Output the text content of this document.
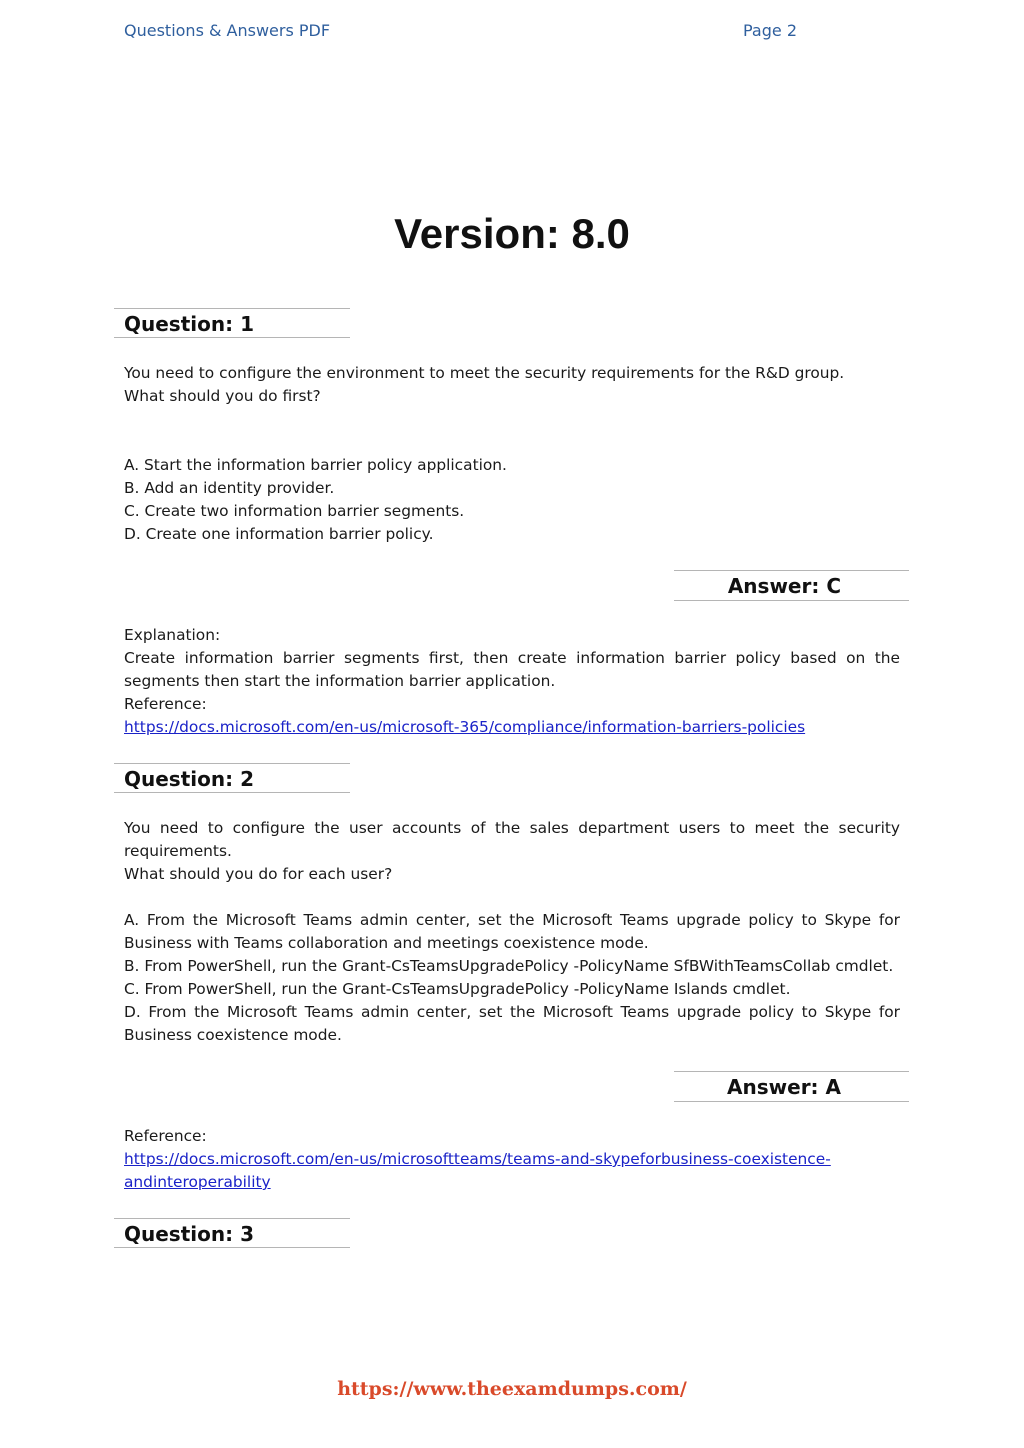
Questions & Answers PDF	Page 2
Version: 8.0
Question: 1

You need to configure the environment to meet the security requirements for the R&D group.

What should you do first?

A. Start the information barrier policy application.

B. Add an identity provider.

C. Create two information barrier segments.

D. Create one information barrier policy.

Answer: C

Explanation:

Create information barrier segments first, then create information barrier policy based on the segments then start the information barrier application.

Reference:

https://docs.microsoft.com/en-us/microsoft-365/compliance/information-barriers-policies

Question: 2

You need to configure the user accounts of the sales department users to meet the security requirements.

What should you do for each user?

A. From the Microsoft Teams admin center, set the Microsoft Teams upgrade policy to Skype for Business with Teams collaboration and meetings coexistence mode.

B. From PowerShell, run the Grant-CsTeamsUpgradePolicy -PolicyName SfBWithTeamsCollab cmdlet.

C. From PowerShell, run the Grant-CsTeamsUpgradePolicy -PolicyName Islands cmdlet.

D. From the Microsoft Teams admin center, set the Microsoft Teams upgrade policy to Skype for Business coexistence mode.

Answer: A

Reference:

https://docs.microsoft.com/en-us/microsoftteams/teams-and-skypeforbusiness-coexistence-

andinteroperability

Question: 3
https://www.theexamdumps.com/
